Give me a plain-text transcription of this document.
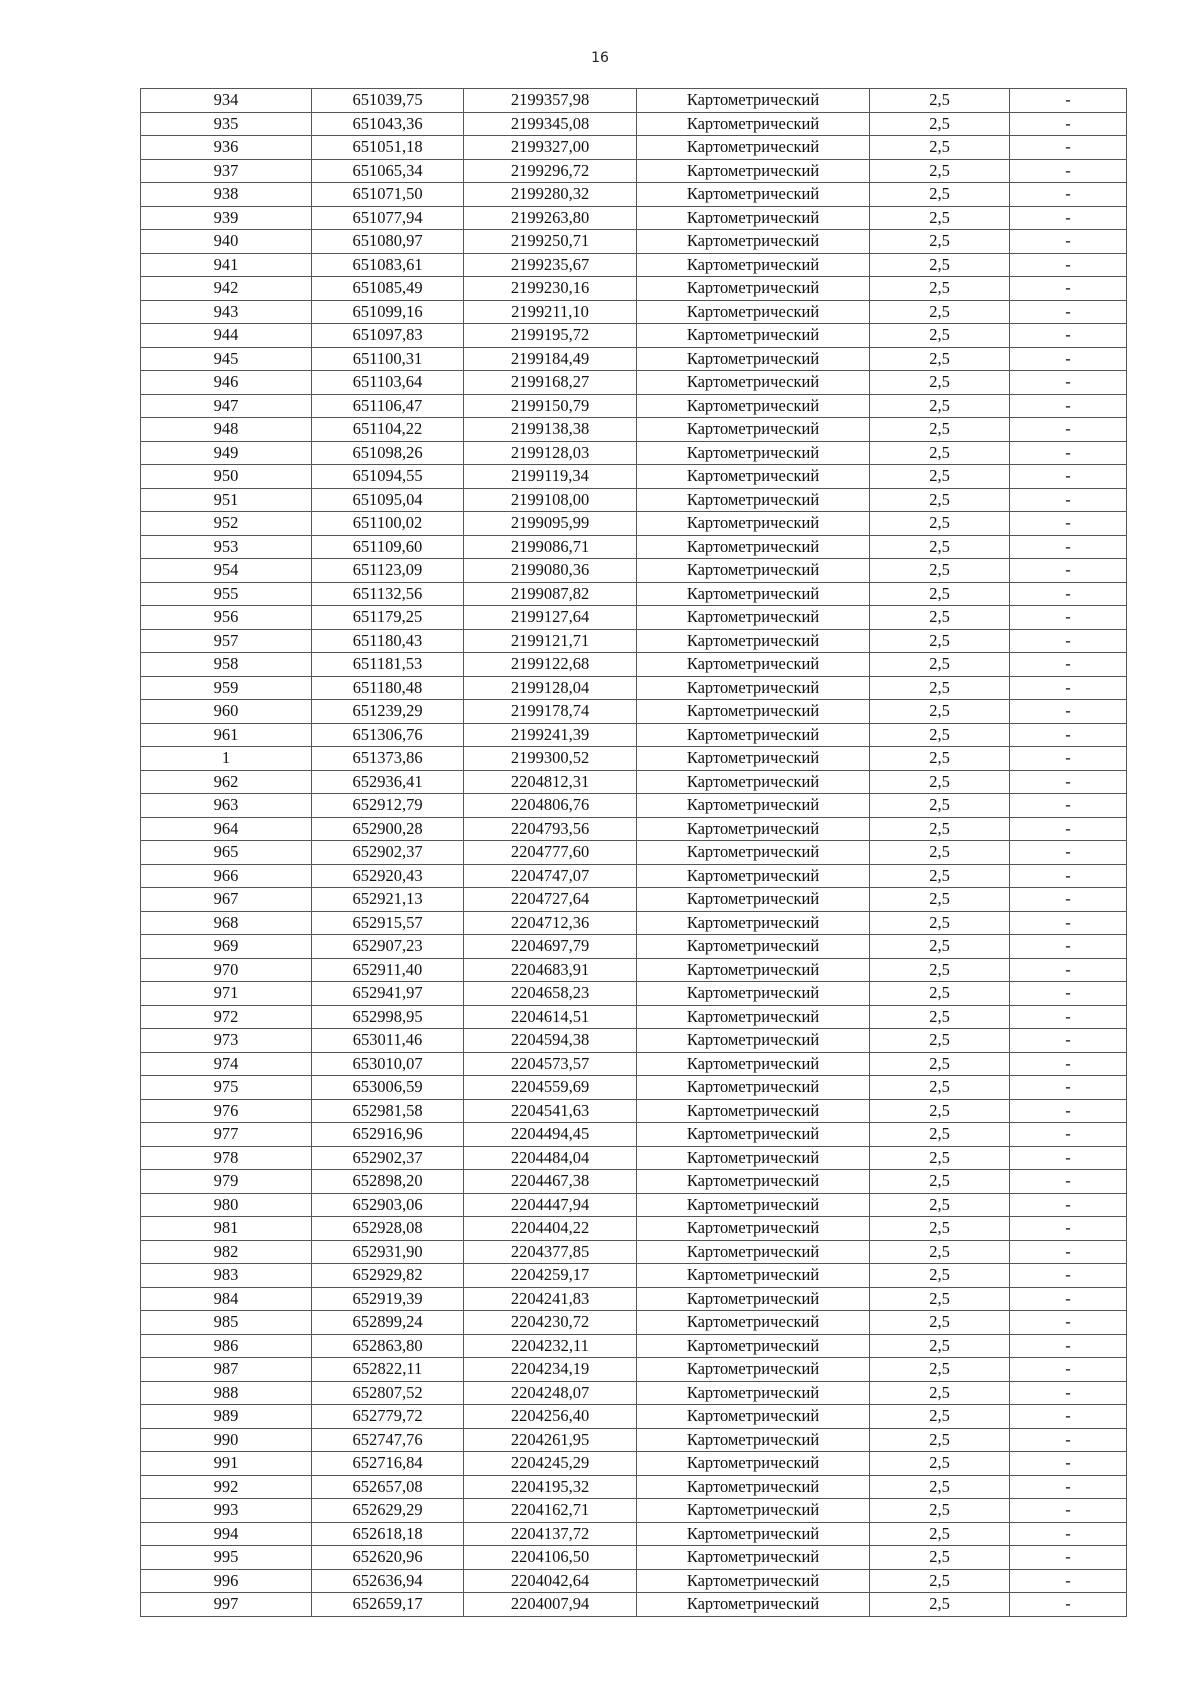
16
934	651039,75	2199357,98	Картометрический	2,5	-
935	651043,36	2199345,08	Картометрический	2,5	-
936	651051,18	2199327,00	Картометрический	2,5	-
937	651065,34	2199296,72	Картометрический	2,5	-
938	651071,50	2199280,32	Картометрический	2,5	-
939	651077,94	2199263,80	Картометрический	2,5	-
940	651080,97	2199250,71	Картометрический	2,5	-
941	651083,61	2199235,67	Картометрический	2,5	-
942	651085,49	2199230,16	Картометрический	2,5	-
943	651099,16	2199211,10	Картометрический	2,5	-
944	651097,83	2199195,72	Картометрический	2,5	-
945	651100,31	2199184,49	Картометрический	2,5	-
946	651103,64	2199168,27	Картометрический	2,5	-
947	651106,47	2199150,79	Картометрический	2,5	-
948	651104,22	2199138,38	Картометрический	2,5	-
949	651098,26	2199128,03	Картометрический	2,5	-
950	651094,55	2199119,34	Картометрический	2,5	-
951	651095,04	2199108,00	Картометрический	2,5	-
952	651100,02	2199095,99	Картометрический	2,5	-
953	651109,60	2199086,71	Картометрический	2,5	-
954	651123,09	2199080,36	Картометрический	2,5	-
955	651132,56	2199087,82	Картометрический	2,5	-
956	651179,25	2199127,64	Картометрический	2,5	-
957	651180,43	2199121,71	Картометрический	2,5	-
958	651181,53	2199122,68	Картометрический	2,5	-
959	651180,48	2199128,04	Картометрический	2,5	-
960	651239,29	2199178,74	Картометрический	2,5	-
961	651306,76	2199241,39	Картометрический	2,5	-
1	651373,86	2199300,52	Картометрический	2,5	-
962	652936,41	2204812,31	Картометрический	2,5	-
963	652912,79	2204806,76	Картометрический	2,5	-
964	652900,28	2204793,56	Картометрический	2,5	-
965	652902,37	2204777,60	Картометрический	2,5	-
966	652920,43	2204747,07	Картометрический	2,5	-
967	652921,13	2204727,64	Картометрический	2,5	-
968	652915,57	2204712,36	Картометрический	2,5	-
969	652907,23	2204697,79	Картометрический	2,5	-
970	652911,40	2204683,91	Картометрический	2,5	-
971	652941,97	2204658,23	Картометрический	2,5	-
972	652998,95	2204614,51	Картометрический	2,5	-
973	653011,46	2204594,38	Картометрический	2,5	-
974	653010,07	2204573,57	Картометрический	2,5	-
975	653006,59	2204559,69	Картометрический	2,5	-
976	652981,58	2204541,63	Картометрический	2,5	-
977	652916,96	2204494,45	Картометрический	2,5	-
978	652902,37	2204484,04	Картометрический	2,5	-
979	652898,20	2204467,38	Картометрический	2,5	-
980	652903,06	2204447,94	Картометрический	2,5	-
981	652928,08	2204404,22	Картометрический	2,5	-
982	652931,90	2204377,85	Картометрический	2,5	-
983	652929,82	2204259,17	Картометрический	2,5	-
984	652919,39	2204241,83	Картометрический	2,5	-
985	652899,24	2204230,72	Картометрический	2,5	-
986	652863,80	2204232,11	Картометрический	2,5	-
987	652822,11	2204234,19	Картометрический	2,5	-
988	652807,52	2204248,07	Картометрический	2,5	-
989	652779,72	2204256,40	Картометрический	2,5	-
990	652747,76	2204261,95	Картометрический	2,5	-
991	652716,84	2204245,29	Картометрический	2,5	-
992	652657,08	2204195,32	Картометрический	2,5	-
993	652629,29	2204162,71	Картометрический	2,5	-
994	652618,18	2204137,72	Картометрический	2,5	-
995	652620,96	2204106,50	Картометрический	2,5	-
996	652636,94	2204042,64	Картометрический	2,5	-
997	652659,17	2204007,94	Картометрический	2,5	-
